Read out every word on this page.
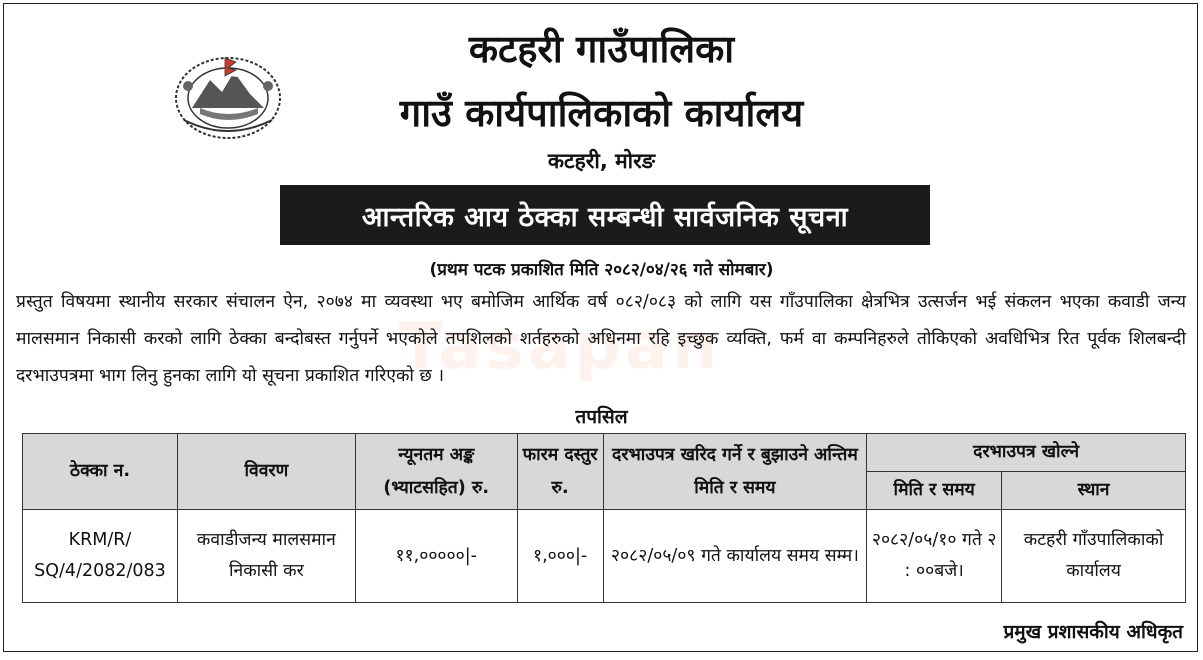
कटहरी गाउँपालिका
गाउँ कार्यपालिकाको कार्यालय
कटहरी, मोरङ
आन्तरिक आय ठेक्का सम्बन्धी सार्वजनिक सूचना
(प्रथम पटक प्रकाशित मिति २०८२/०४/२६ गते सोमबार)
Tasapan
प्रस्तुत विषयमा स्थानीय सरकार संचालन ऐन, २०७४ मा व्यवस्था भए बमोजिम आर्थिक वर्ष ०८२/०८३ को लागि यस गाँउपालिका क्षेत्रभित्र उत्सर्जन भई संकलन भएका कवाडी जन्य मालसमान निकासी करको लागि ठेक्का बन्दोबस्त गर्नुपर्ने भएकोले तपशिलको शर्तहरुको अधिनमा रहि इच्छुक व्यक्ति, फर्म वा कम्पनिहरुले तोकिएको अवधिभित्र रित पूर्वक शिलबन्दी दरभाउपत्रमा भाग लिनु हुनका लागि यो सूचना प्रकाशित गरिएको छ ।
तपसिल
ठेक्का न.	विवरण	न्यूनतम अङ्क (भ्याटसहित) रु.	फारम दस्तुर रु.	दरभाउपत्र खरिद गर्ने र बुझाउने अन्तिम मिति र समय	दरभाउपत्र खोल्ने	
					मिति र समय	स्थान
KRM/R/ SQ/4/2082/083	कवाडीजन्य मालसमान निकासी कर	११,०००००|-	१,०००|-	२०८२/०५/०९ गते कार्यालय समय सम्म।	२०८२/०५/१० गते २ : ००बजे।	कटहरी गाँउपालिकाको कार्यालय
प्रमुख प्रशासकीय अधिकृत
